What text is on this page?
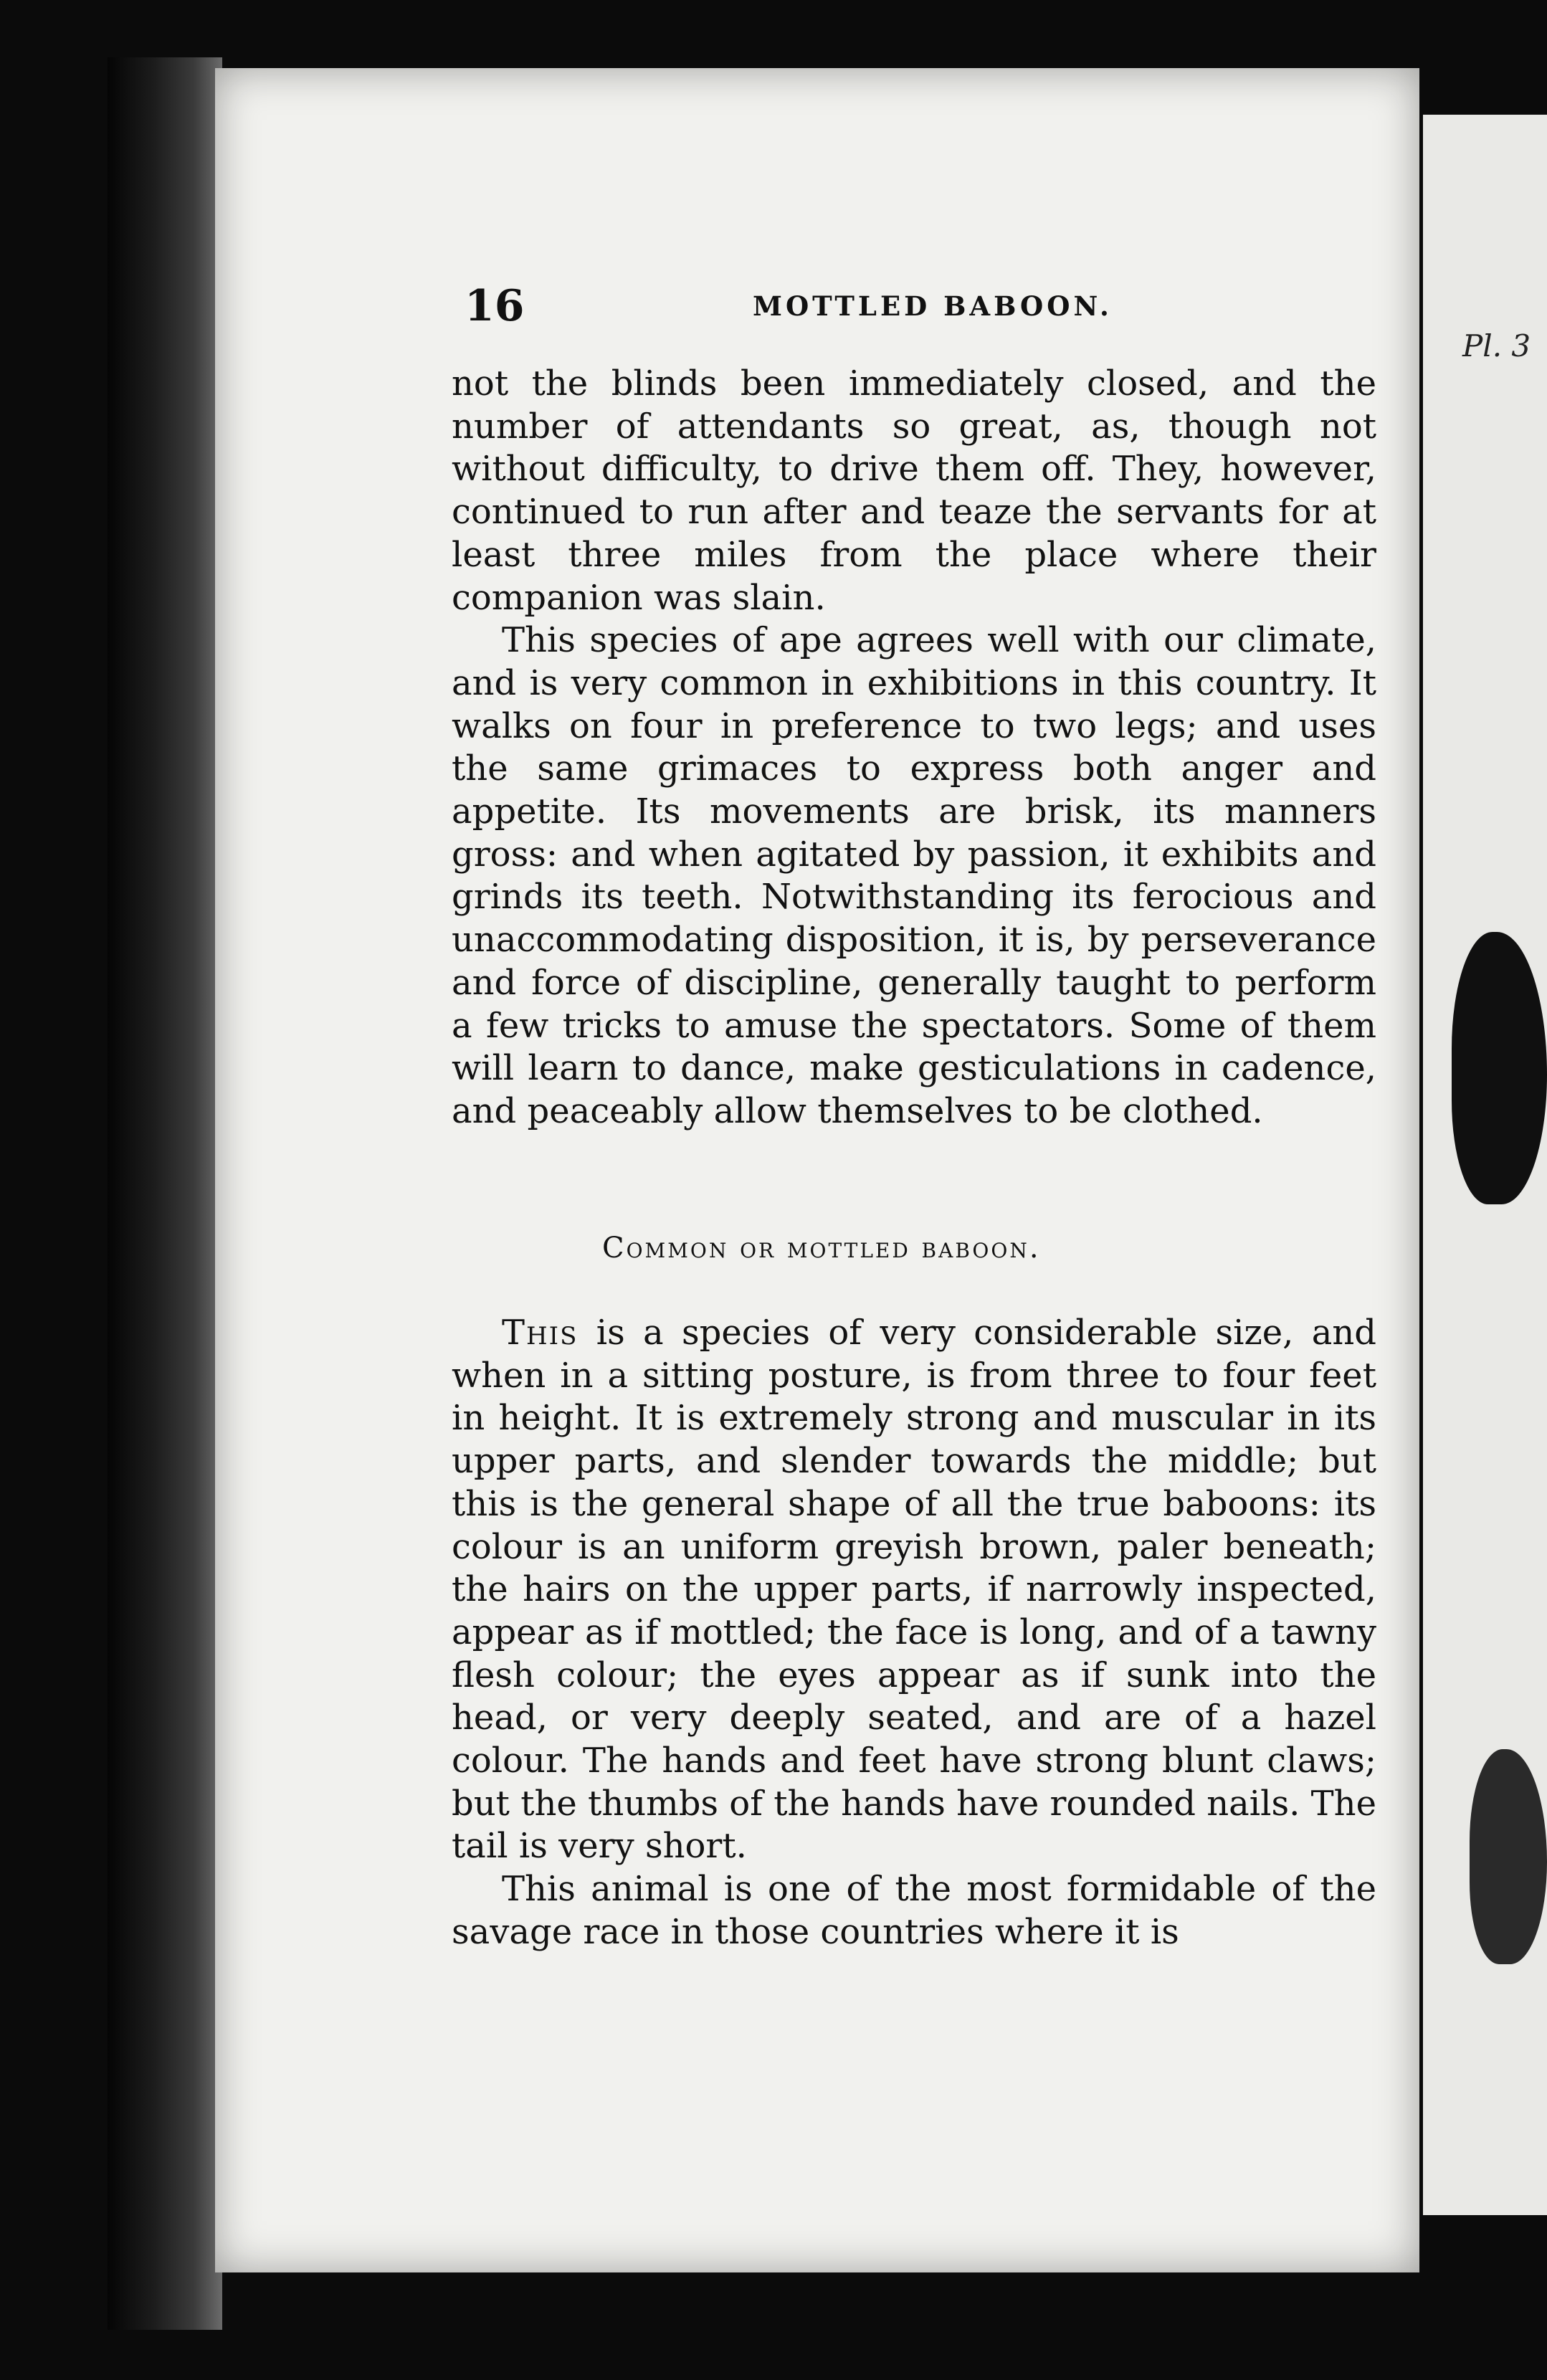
Pl. 3
16	MOTTLED BABOON.

not the blinds been immediately closed, and the number of attendants so great, as, though not without difficulty, to drive them off. They, however, continued to run after and teaze the servants for at least three miles from the place where their companion was slain.

This species of ape agrees well with our climate, and is very common in exhibitions in this country. It walks on four in preference to two legs; and uses the same grimaces to express both anger and appetite. Its movements are brisk, its manners gross: and when agitated by passion, it exhibits and grinds its teeth. Notwithstanding its ferocious and unaccommodating disposition, it is, by perseverance and force of discipline, generally taught to perform a few tricks to amuse the spectators. Some of them will learn to dance, make gesticulations in cadence, and peaceably allow themselves to be clothed.

Common or mottled baboon.

This is a species of very considerable size, and when in a sitting posture, is from three to four feet in height. It is extremely strong and muscular in its upper parts, and slender towards the middle; but this is the general shape of all the true baboons: its colour is an uniform greyish brown, paler beneath; the hairs on the upper parts, if narrowly inspected, appear as if mottled; the face is long, and of a tawny flesh colour; the eyes appear as if sunk into the head, or very deeply seated, and are of a hazel colour. The hands and feet have strong blunt claws; but the thumbs of the hands have rounded nails. The tail is very short.

This animal is one of the most formidable of the savage race in those countries where it is
